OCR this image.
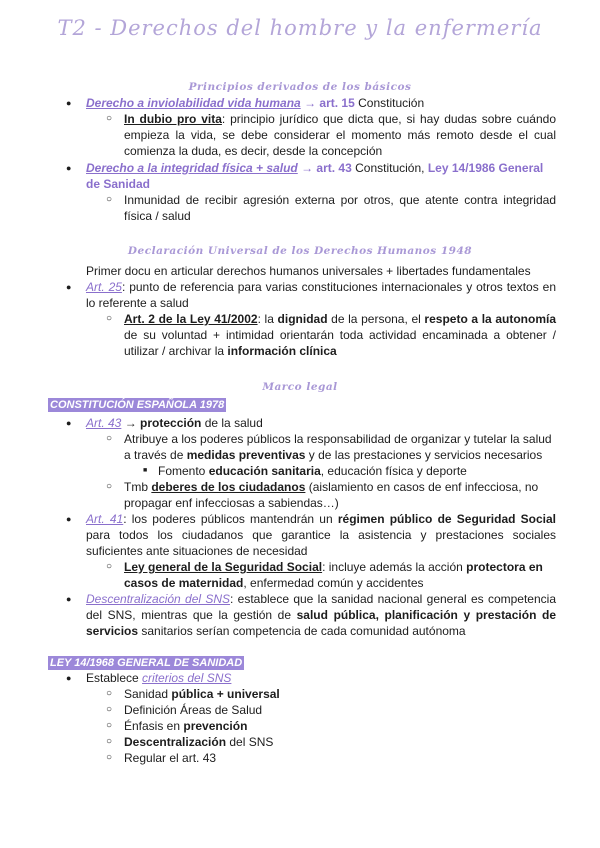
T2 - Derechos del hombre y la enfermería
Principios derivados de los básicos
● Derecho a inviolabilidad vida humana → art. 15 Constitución
○ In dubio pro vita: principio jurídico que dicta que, si hay dudas sobre cuándo empieza la vida, se debe considerar el momento más remoto desde el cual comienza la duda, es decir, desde la concepción
● Derecho a la integridad física + salud → art. 43 Constitución, Ley 14/1986 General de Sanidad
○ Inmunidad de recibir agresión externa por otros, que atente contra integridad física / salud
Declaración Universal de los Derechos Humanos 1948
Primer docu en articular derechos humanos universales + libertades fundamentales
● Art. 25: punto de referencia para varias constituciones internacionales y otros textos en lo referente a salud
○ Art. 2 de la Ley 41/2002: la dignidad de la persona, el respeto a la autonomía de su voluntad + intimidad orientarán toda actividad encaminada a obtener / utilizar / archivar la información clínica
Marco legal
CONSTITUCIÓN ESPAÑOLA 1978
● Art. 43 → protección de la salud
○ Atribuye a los poderes públicos la responsabilidad de organizar y tutelar la salud a través de medidas preventivas y de las prestaciones y servicios necesarios
■ Fomento educación sanitaria, educación física y deporte
○ Tmb deberes de los ciudadanos (aislamiento en casos de enf infecciosa, no propagar enf infecciosas a sabiendas…)
● Art. 41: los poderes públicos mantendrán un régimen público de Seguridad Social para todos los ciudadanos que garantice la asistencia y prestaciones sociales suficientes ante situaciones de necesidad
○ Ley general de la Seguridad Social: incluye además la acción protectora en casos de maternidad, enfermedad común y accidentes
● Descentralización del SNS: establece que la sanidad nacional general es competencia del SNS, mientras que la gestión de salud pública, planificación y prestación de servicios sanitarios serían competencia de cada comunidad autónoma
LEY 14/1968 GENERAL DE SANIDAD
● Establece criterios del SNS
○ Sanidad pública + universal
○ Definición Áreas de Salud
○ Énfasis en prevención
○ Descentralización del SNS
○ Regular el art. 43
